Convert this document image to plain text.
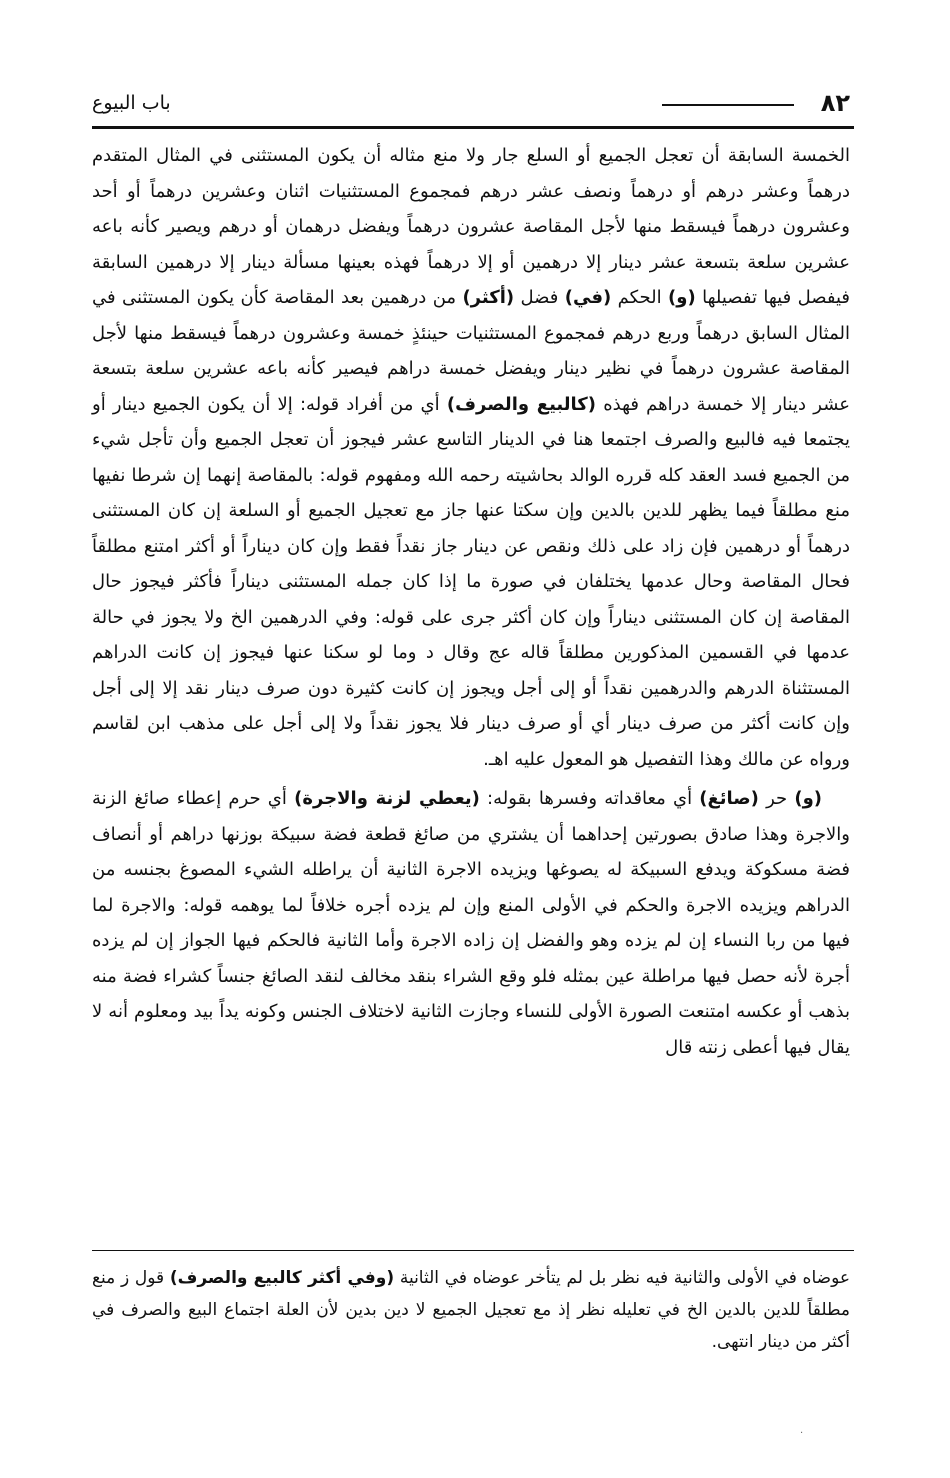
٨٢
باب البيوع

الخمسة السابقة أن تعجل الجميع أو السلع جار ولا منع مثاله أن يكون المستثنى في المثال المتقدم درهماً وعشر درهم أو درهماً ونصف عشر درهم فمجموع المستثنيات اثنان وعشرين درهماً أو أحد وعشرون درهماً فيسقط منها لأجل المقاصة عشرون درهماً ويفضل درهمان أو درهم ويصير كأنه باعه عشرين سلعة بتسعة عشر دينار إلا درهمين أو إلا درهماً فهذه بعينها مسألة دينار إلا درهمين السابقة فيفصل فيها تفصيلها (و) الحكم (في) فضل (أكثر) من درهمين بعد المقاصة كأن يكون المستثنى في المثال السابق درهماً وربع درهم فمجموع المستثنيات حينئذٍ خمسة وعشرون درهماً فيسقط منها لأجل المقاصة عشرون درهماً في نظير دينار ويفضل خمسة دراهم فيصير كأنه باعه عشرين سلعة بتسعة عشر دينار إلا خمسة دراهم فهذه (كالبيع والصرف) أي من أفراد قوله: إلا أن يكون الجميع دينار أو يجتمعا فيه فالبيع والصرف اجتمعا هنا في الدينار التاسع عشر فيجوز أن تعجل الجميع وأن تأجل شيء من الجميع فسد العقد كله قرره الوالد بحاشيته رحمه الله ومفهوم قوله: بالمقاصة إنهما إن شرطا نفيها منع مطلقاً فيما يظهر للدين بالدين وإن سكتا عنها جاز مع تعجيل الجميع أو السلعة إن كان المستثنى درهماً أو درهمين فإن زاد على ذلك ونقص عن دينار جاز نقداً فقط وإن كان ديناراً أو أكثر امتنع مطلقاً فحال المقاصة وحال عدمها يختلفان في صورة ما إذا كان جمله المستثنى ديناراً فأكثر فيجوز حال المقاصة إن كان المستثنى ديناراً وإن كان أكثر جرى على قوله: وفي الدرهمين الخ ولا يجوز في حالة عدمها في القسمين المذكورين مطلقاً قاله عج وقال د وما لو سكنا عنها فيجوز إن كانت الدراهم المستثناة الدرهم والدرهمين نقداً أو إلى أجل ويجوز إن كانت كثيرة دون صرف دينار نقد إلا إلى أجل وإن كانت أكثر من صرف دينار أي أو صرف دينار فلا يجوز نقداً ولا إلى أجل على مذهب ابن لقاسم ورواه عن مالك وهذا التفصيل هو المعول عليه اهـ.

(و) حر (صائغ) أي معاقداته وفسرها بقوله: (يعطي لزنة والاجرة) أي حرم إعطاء صائغ الزنة والاجرة وهذا صادق بصورتين إحداهما أن يشتري من صائغ قطعة فضة سبيكة بوزنها دراهم أو أنصاف فضة مسكوكة ويدفع السبيكة له يصوغها ويزيده الاجرة الثانية أن يراطله الشيء المصوغ بجنسه من الدراهم ويزيده الاجرة والحكم في الأولى المنع وإن لم يزده أجره خلافاً لما يوهمه قوله: والاجرة لما فيها من ربا النساء إن لم يزده وهو والفضل إن زاده الاجرة وأما الثانية فالحكم فيها الجواز إن لم يزده أجرة لأنه حصل فيها مراطلة عين بمثله فلو وقع الشراء بنقد مخالف لنقد الصائغ جنساً كشراء فضة منه بذهب أو عكسه امتنعت الصورة الأولى للنساء وجازت الثانية لاختلاف الجنس وكونه يداً بيد ومعلوم أنه لا يقال فيها أعطى زنته قال

عوضاه في الأولى والثانية فيه نظر بل لم يتأخر عوضاه في الثانية (وفي أكثر كالبيع والصرف) قول ز منع مطلقاً للدين بالدين الخ في تعليله نظر إذ مع تعجيل الجميع لا دين بدين لأن العلة اجتماع البيع والصرف في أكثر من دينار انتهى.

·
